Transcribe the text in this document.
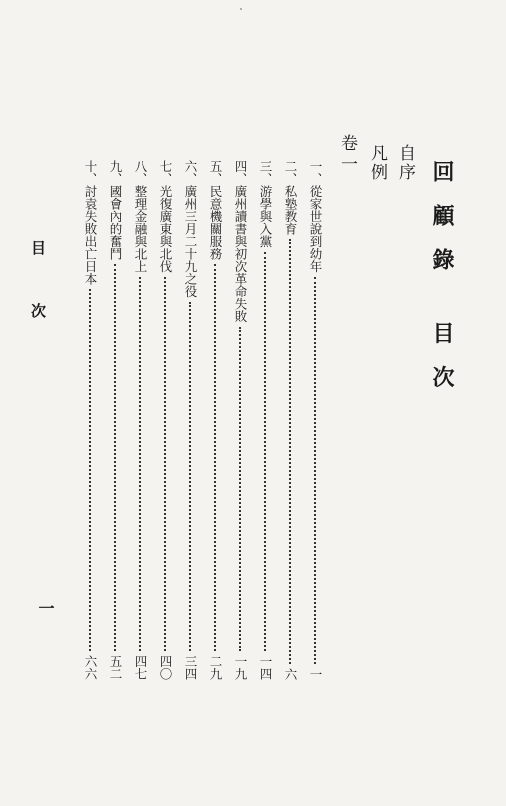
回顧錄 目次
自序
凡例
卷一
一、從家世說到幼年
一
二、私塾教育
六
三、游學與入黨
一四
四、廣州讀書與初次革命失敗
一九
五、民意機關服務
二九
六、廣州三月二十九之役
三四
七、光復廣東與北伐
四〇
八、整理金融與北上
四七
九、國會內的奮鬥
五二
十、討袁失敗出亡日本
六六
目次
一
